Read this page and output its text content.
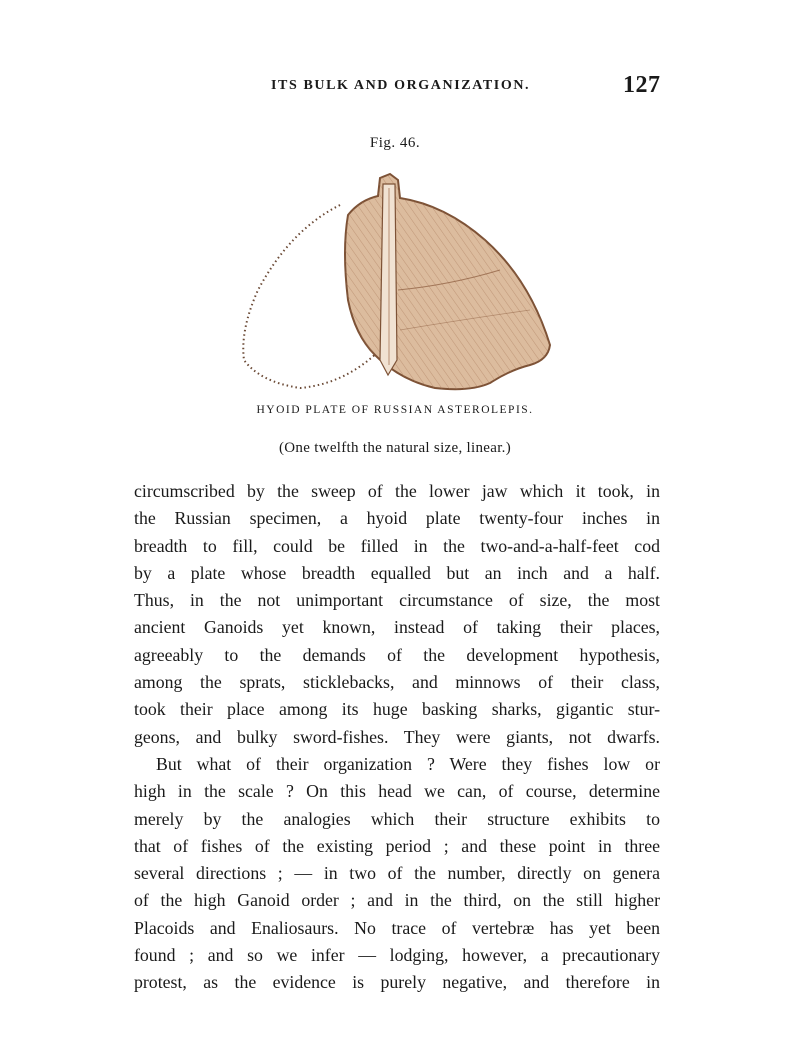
ITS BULK AND ORGANIZATION.	127
Fig. 46.
HYOID PLATE OF RUSSIAN ASTEROLEPIS.
(One twelfth the natural size, linear.)
circumscribed by the sweep of the lower jaw which it took, in
the Russian specimen, a hyoid plate twenty-four inches in
breadth to fill, could be filled in the two-and-a-half-feet cod
by a plate whose breadth equalled but an inch and a half.
Thus, in the not unimportant circumstance of size, the most
ancient Ganoids yet known, instead of taking their places,
agreeably to the demands of the development hypothesis,
among the sprats, sticklebacks, and minnows of their class,
took their place among its huge basking sharks, gigantic stur-
geons, and bulky sword-fishes. They were giants, not dwarfs.
But what of their organization ? Were they fishes low or
high in the scale ? On this head we can, of course, determine
merely by the analogies which their structure exhibits to
that of fishes of the existing period ; and these point in three
several directions ; — in two of the number, directly on genera
of the high Ganoid order ; and in the third, on the still higher
Placoids and Enaliosaurs. No trace of vertebræ has yet been
found ; and so we infer — lodging, however, a precautionary
protest, as the evidence is purely negative, and therefore in
